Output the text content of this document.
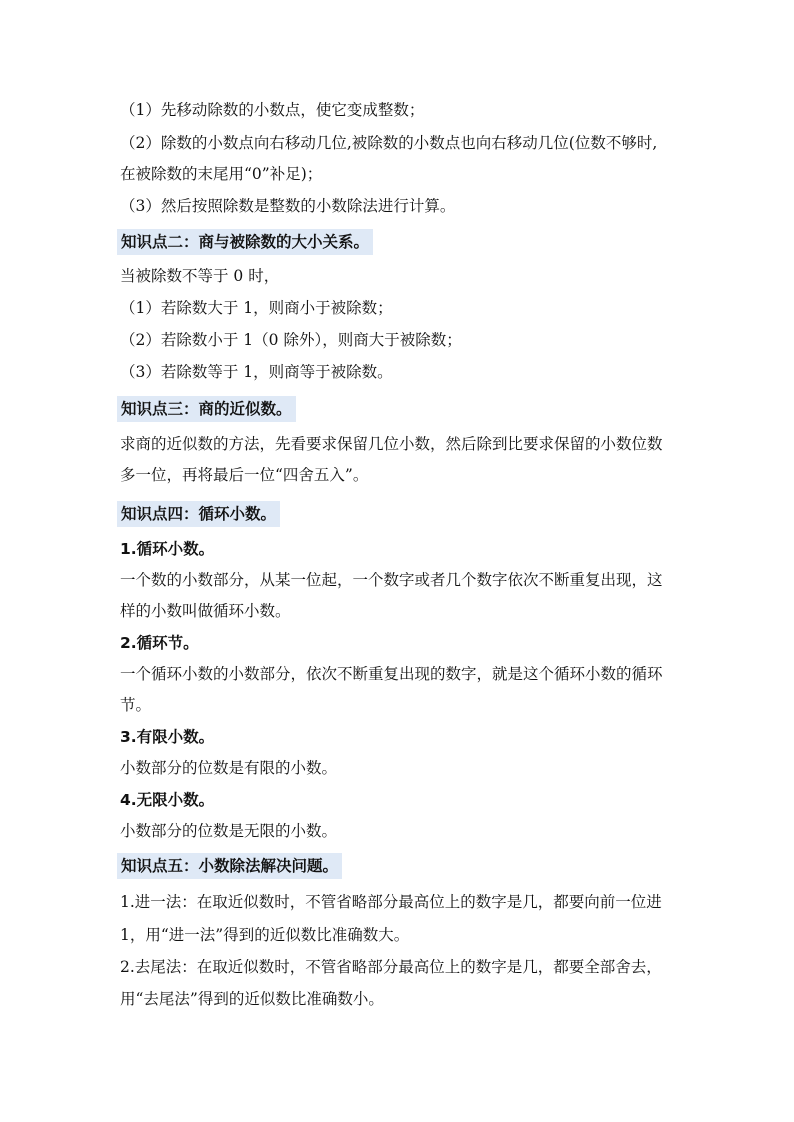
（1）先移动除数的小数点，使它变成整数；

（2）除数的小数点向右移动几位,被除数的小数点也向右移动几位(位数不够时,

在被除数的末尾用“0”补足)；

（3）然后按照除数是整数的小数除法进行计算。

知识点二：商与被除数的大小关系。

当被除数不等于 0 时，

（1）若除数大于 1，则商小于被除数；

（2）若除数小于 1（0 除外），则商大于被除数；

（3）若除数等于 1，则商等于被除数。

知识点三：商的近似数。

求商的近似数的方法，先看要求保留几位小数，然后除到比要求保留的小数位数

多一位，再将最后一位“四舍五入”。

知识点四：循环小数。
1.循环小数。

一个数的小数部分，从某一位起，一个数字或者几个数字依次不断重复出现，这

样的小数叫做循环小数。

2.循环节。

一个循环小数的小数部分，依次不断重复出现的数字，就是这个循环小数的循环

节。

3.有限小数。

小数部分的位数是有限的小数。

4.无限小数。

小数部分的位数是无限的小数。

知识点五：小数除法解决问题。

1.进一法：在取近似数时，不管省略部分最高位上的数字是几，都要向前一位进

1，用“进一法”得到的近似数比准确数大。

2.去尾法：在取近似数时，不管省略部分最高位上的数字是几，都要全部舍去，

用“去尾法”得到的近似数比准确数小。
